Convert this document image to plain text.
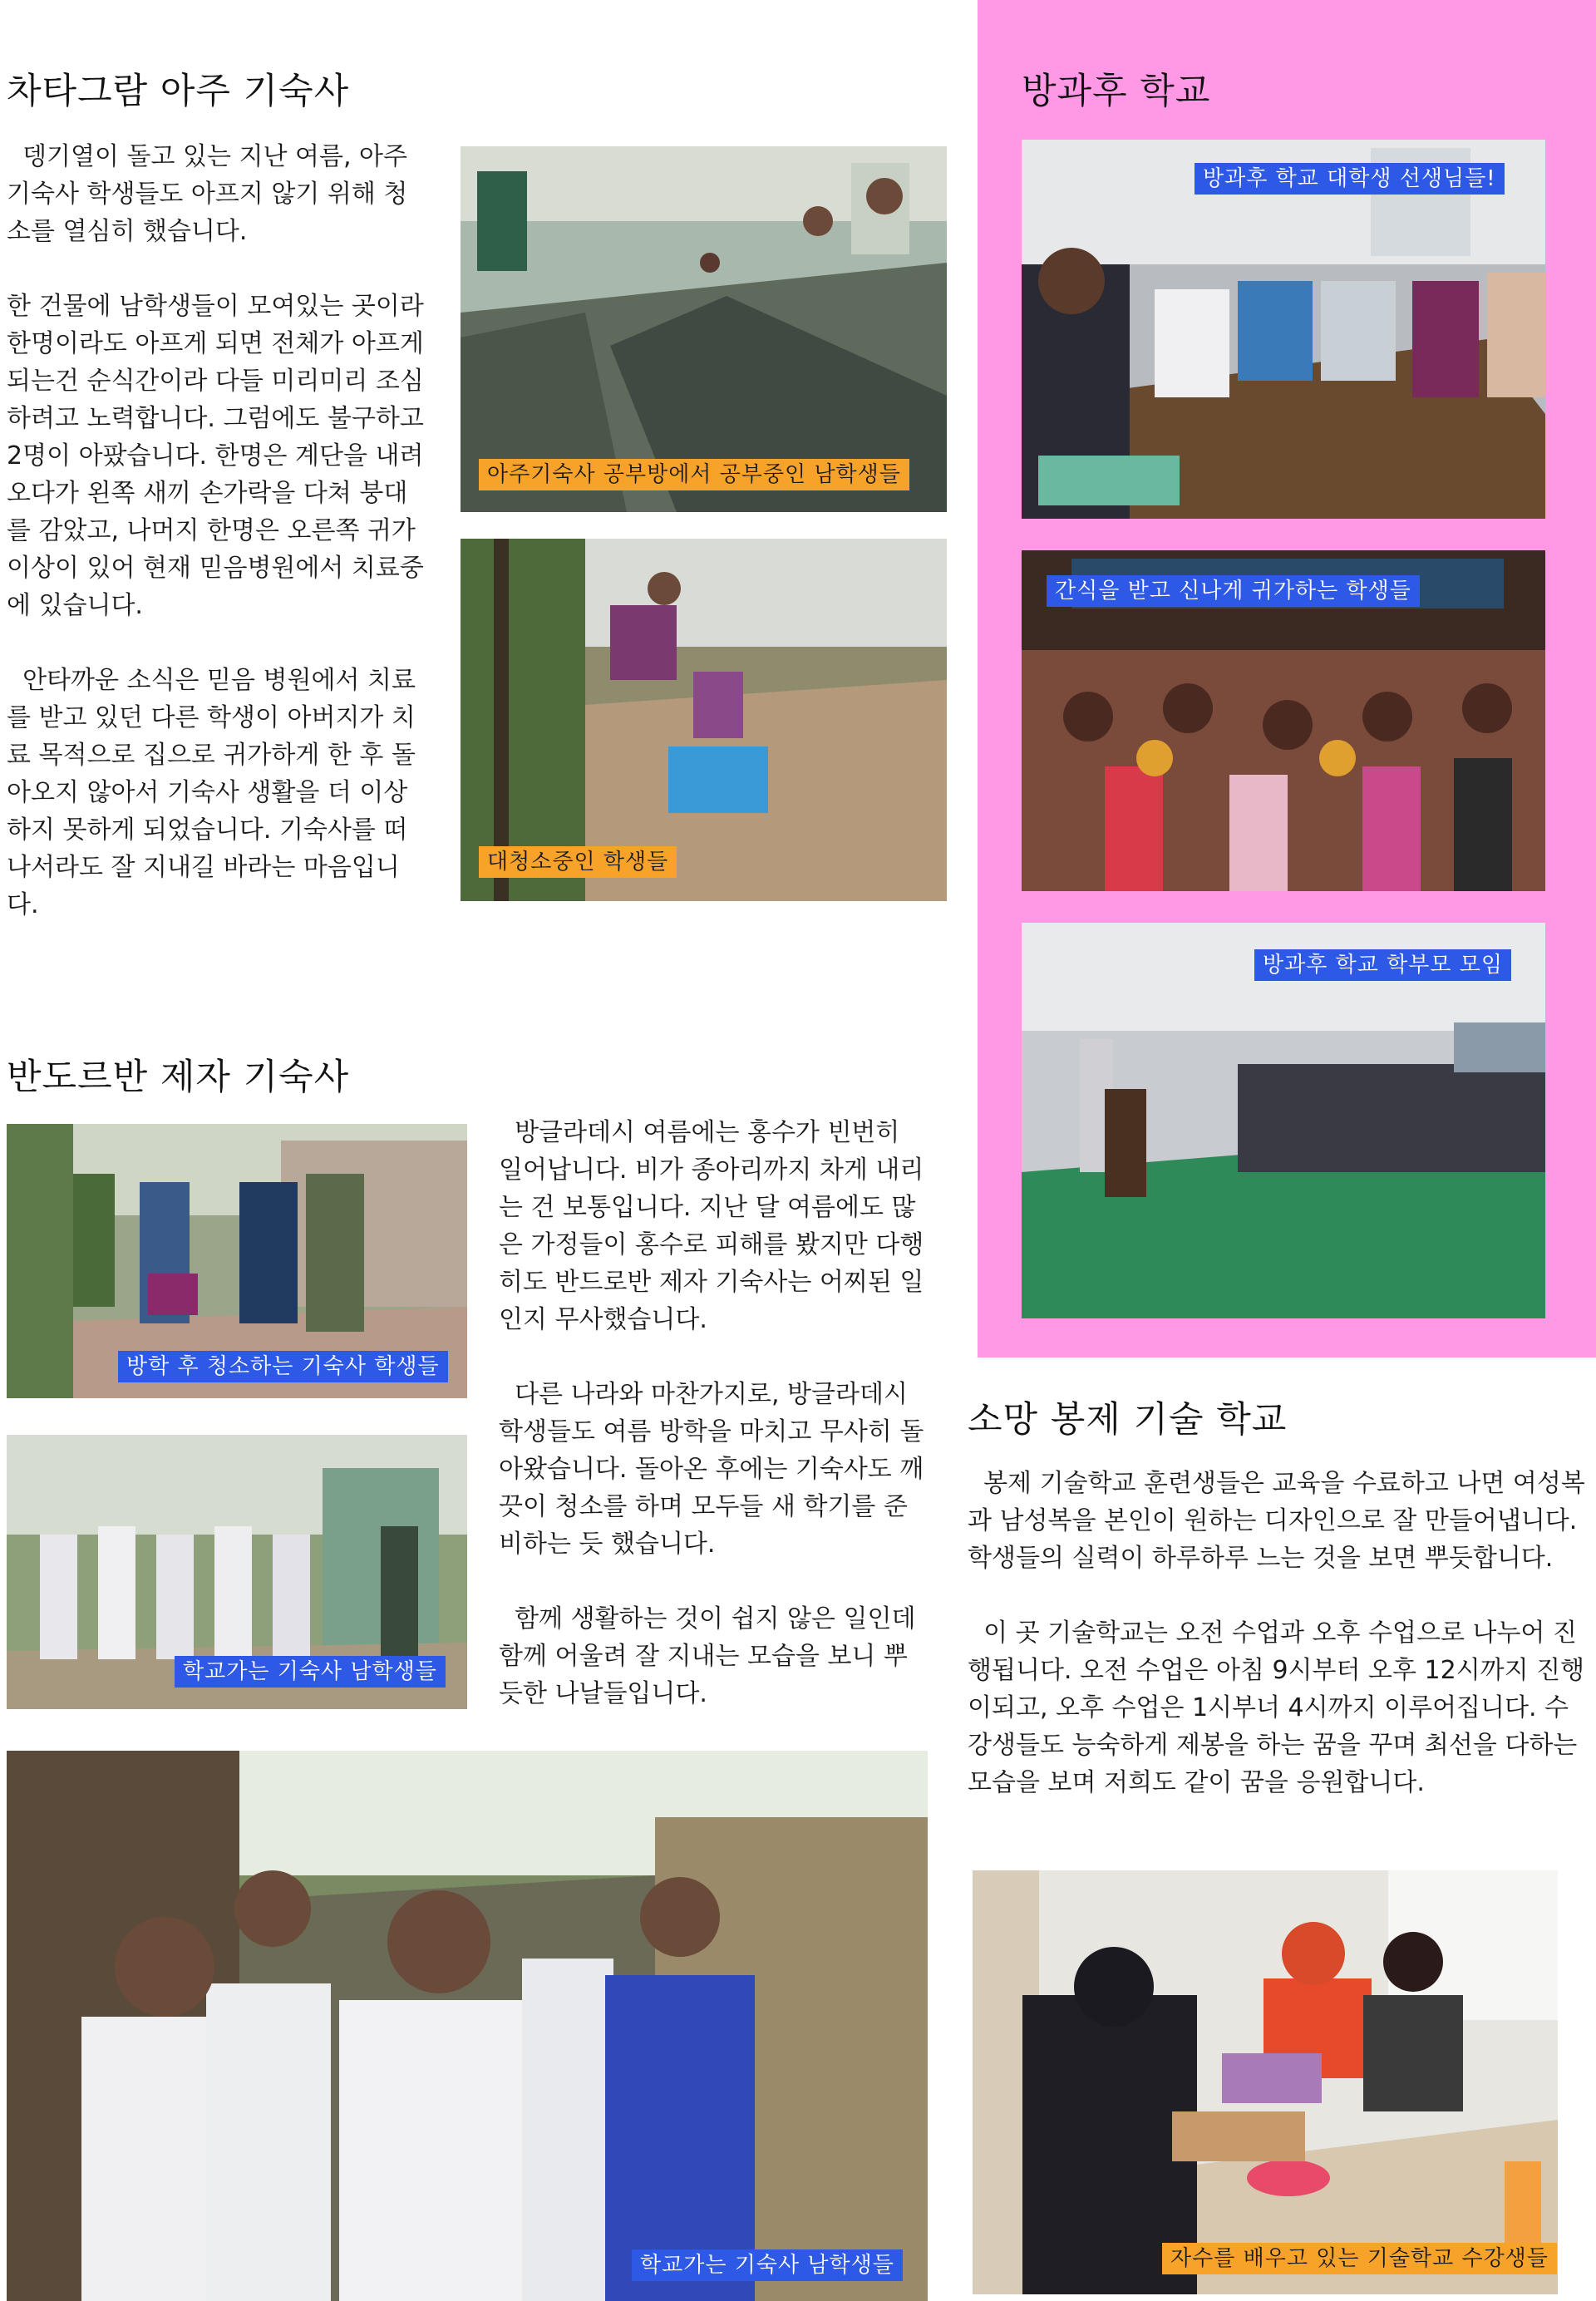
차타그람 아주 기숙사

뎅기열이 돌고 있는 지난 여름, 아주기숙사 학생들도 아프지 않기 위해 청소를 열심히 했습니다.

한 건물에 남학생들이 모여있는 곳이라 한명이라도 아프게 되면 전체가 아프게 되는건 순식간이라 다들 미리미리 조심하려고 노력합니다. 그럼에도 불구하고 2명이 아팠습니다. 한명은 계단을 내려오다가 왼쪽 새끼 손가락을 다쳐 붕대를 감았고, 나머지 한명은 오른쪽 귀가 이상이 있어 현재 믿음병원에서 치료중에 있습니다.

안타까운 소식은 믿음 병원에서 치료를 받고 있던 다른 학생이 아버지가 치료 목적으로 집으로 귀가하게 한 후 돌아오지 않아서 기숙사 생활을 더 이상 하지 못하게 되었습니다. 기숙사를 떠나서라도 잘 지내길 바라는 마음입니다.

아주기숙사 공부방에서 공부중인 남학생들
대청소중인 학생들
반도르반 제자 기숙사

방글라데시 여름에는 홍수가 빈번히 일어납니다. 비가 종아리까지 차게 내리는 건 보통입니다. 지난 달 여름에도 많은 가정들이 홍수로 피해를 봤지만 다행히도 반드로반 제자 기숙사는 어찌된 일인지 무사했습니다.

다른 나라와 마찬가지로, 방글라데시 학생들도 여름 방학을 마치고 무사히 돌아왔습니다. 돌아온 후에는 기숙사도 깨끗이 청소를 하며 모두들 새 학기를 준비하는 듯 했습니다.

함께 생활하는 것이 쉽지 않은 일인데 함께 어울려 잘 지내는 모습을 보니 뿌듯한 나날들입니다.

방학 후 청소하는 기숙사 학생들
학교가는 기숙사 남학생들
학교가는 기숙사 남학생들
방과후 학교
방과후 학교 대학생 선생님들!
간식을 받고 신나게 귀가하는 학생들
방과후 학교 학부모 모임
소망 봉제 기술 학교

봉제 기술학교 훈련생들은 교육을 수료하고 나면 여성복과 남성복을 본인이 원하는 디자인으로 잘 만들어냅니다. 학생들의 실력이 하루하루 느는 것을 보면 뿌듯합니다.

이 곳 기술학교는 오전 수업과 오후 수업으로 나누어 진행됩니다. 오전 수업은 아침 9시부터 오후 12시까지 진행이되고, 오후 수업은 1시부너 4시까지 이루어집니다. 수강생들도 능숙하게 제봉을 하는 꿈을 꾸며 최선을 다하는 모습을 보며 저희도 같이 꿈을 응원합니다.

자수를 배우고 있는 기술학교 수강생들
